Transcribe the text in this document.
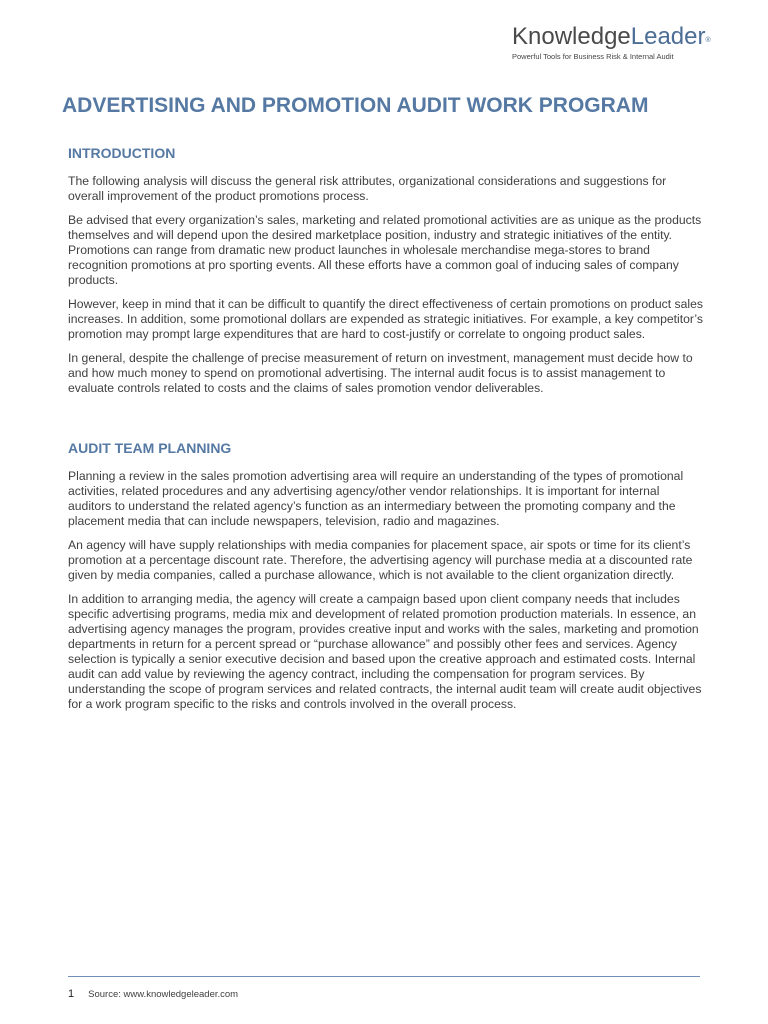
KnowledgeLeader®
Powerful Tools for Business Risk & Internal Audit
ADVERTISING AND PROMOTION AUDIT WORK PROGRAM
INTRODUCTION

The following analysis will discuss the general risk attributes, organizational considerations and suggestions for overall improvement of the product promotions process.

Be advised that every organization’s sales, marketing and related promotional activities are as unique as the products themselves and will depend upon the desired marketplace position, industry and strategic initiatives of the entity. Promotions can range from dramatic new product launches in wholesale merchandise mega-stores to brand recognition promotions at pro sporting events. All these efforts have a common goal of inducing sales of company products.

However, keep in mind that it can be difficult to quantify the direct effectiveness of certain promotions on product sales increases. In addition, some promotional dollars are expended as strategic initiatives. For example, a key competitor’s promotion may prompt large expenditures that are hard to cost-justify or correlate to ongoing product sales.

In general, despite the challenge of precise measurement of return on investment, management must decide how to and how much money to spend on promotional advertising. The internal audit focus is to assist management to evaluate controls related to costs and the claims of sales promotion vendor deliverables.

AUDIT TEAM PLANNING

Planning a review in the sales promotion advertising area will require an understanding of the types of promotional activities, related procedures and any advertising agency/other vendor relationships. It is important for internal auditors to understand the related agency’s function as an intermediary between the promoting company and the placement media that can include newspapers, television, radio and magazines.

An agency will have supply relationships with media companies for placement space, air spots or time for its client’s promotion at a percentage discount rate. Therefore, the advertising agency will purchase media at a discounted rate given by media companies, called a purchase allowance, which is not available to the client organization directly.

In addition to arranging media, the agency will create a campaign based upon client company needs that includes specific advertising programs, media mix and development of related promotion production materials. In essence, an advertising agency manages the program, provides creative input and works with the sales, marketing and promotion departments in return for a percent spread or “purchase allowance” and possibly other fees and services. Agency selection is typically a senior executive decision and based upon the creative approach and estimated costs. Internal audit can add value by reviewing the agency contract, including the compensation for program services. By understanding the scope of program services and related contracts, the internal audit team will create audit objectives for a work program specific to the risks and controls involved in the overall process.

1 Source: www.knowledgeleader.com
